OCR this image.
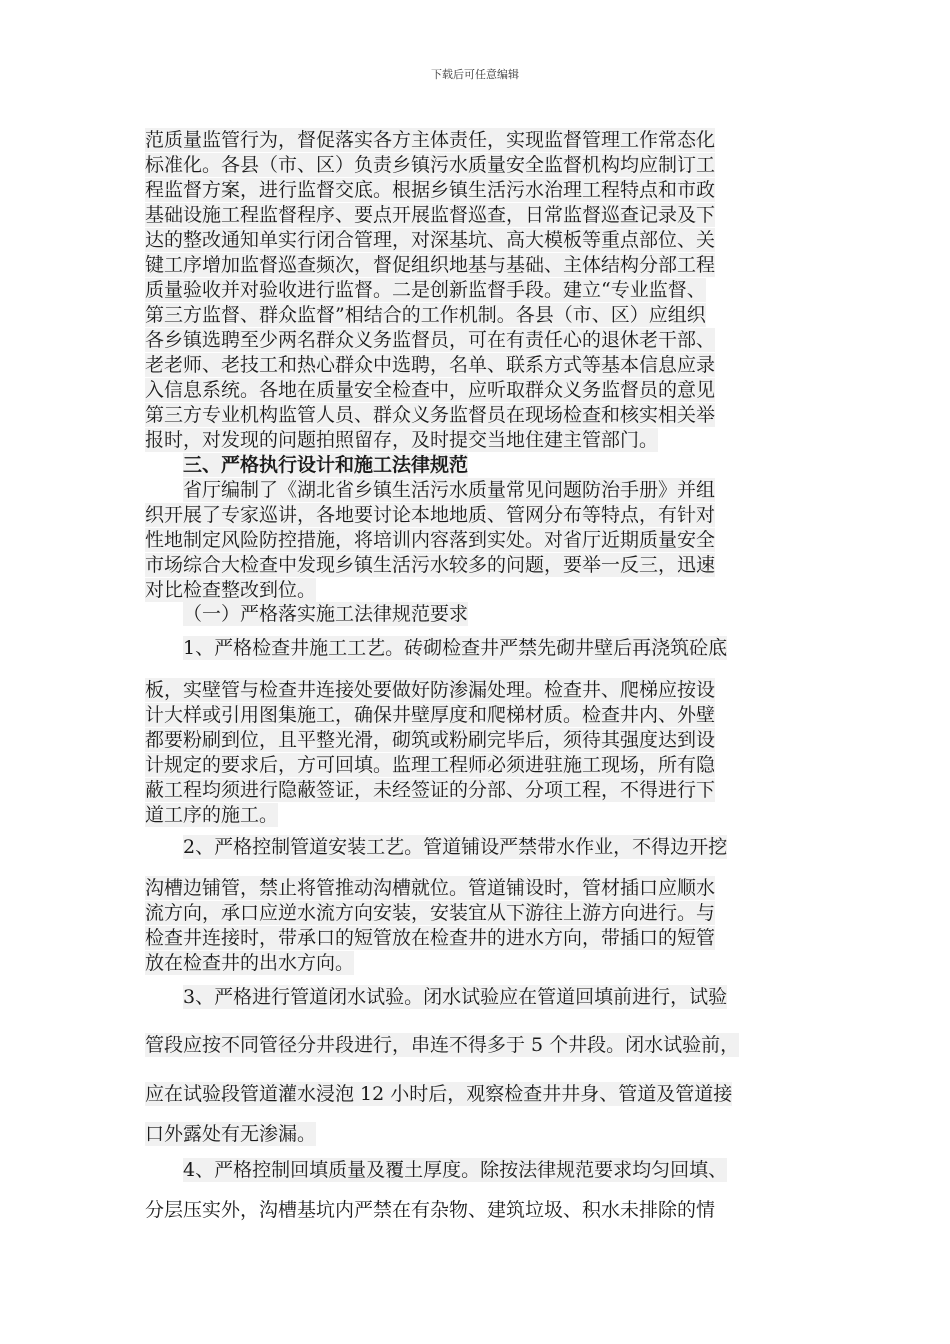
下载后可任意编辑
范质量监管行为，督促落实各方主体责任，实现监督管理工作常态化
标准化。各县（市、区）负责乡镇污水质量安全监督机构均应制订工
程监督方案，进行监督交底。根据乡镇生活污水治理工程特点和市政
基础设施工程监督程序、要点开展监督巡查，日常监督巡查记录及下
达的整改通知单实行闭合管理，对深基坑、高大模板等重点部位、关
键工序增加监督巡查频次，督促组织地基与基础、主体结构分部工程
质量验收并对验收进行监督。二是创新监督手段。建立“专业监督、
第三方监督、群众监督”相结合的工作机制。各县（市、区）应组织
各乡镇选聘至少两名群众义务监督员，可在有责任心的退休老干部、
老老师、老技工和热心群众中选聘，名单、联系方式等基本信息应录
入信息系统。各地在质量安全检查中，应听取群众义务监督员的意见
第三方专业机构监管人员、群众义务监督员在现场检查和核实相关举
报时，对发现的问题拍照留存，及时提交当地住建主管部门。
三、严格执行设计和施工法律规范
省厅编制了《湖北省乡镇生活污水质量常见问题防治手册》并组
织开展了专家巡讲，各地要讨论本地地质、管网分布等特点，有针对
性地制定风险防控措施，将培训内容落到实处。对省厅近期质量安全
市场综合大检查中发现乡镇生活污水较多的问题，要举一反三，迅速
对比检查整改到位。
（一）严格落实施工法律规范要求
1、严格检查井施工工艺。砖砌检查井严禁先砌井壁后再浇筑砼底
板，实壁管与检查井连接处要做好防渗漏处理。检查井、爬梯应按设
计大样或引用图集施工，确保井壁厚度和爬梯材质。检查井内、外壁
都要粉刷到位，且平整光滑，砌筑或粉刷完毕后，须待其强度达到设
计规定的要求后，方可回填。监理工程师必须进驻施工现场，所有隐
蔽工程均须进行隐蔽签证，未经签证的分部、分项工程，不得进行下
道工序的施工。
2、严格控制管道安装工艺。管道铺设严禁带水作业，不得边开挖
沟槽边铺管，禁止将管推动沟槽就位。管道铺设时，管材插口应顺水
流方向，承口应逆水流方向安装，安装宜从下游往上游方向进行。与
检查井连接时，带承口的短管放在检查井的进水方向，带插口的短管
放在检查井的出水方向。
3、严格进行管道闭水试验。闭水试验应在管道回填前进行，试验
管段应按不同管径分井段进行，串连不得多于 5 个井段。闭水试验前，
应在试验段管道灌水浸泡 12 小时后，观察检查井井身、管道及管道接
口外露处有无渗漏。
4、严格控制回填质量及覆土厚度。除按法律规范要求均匀回填、
分层压实外，沟槽基坑内严禁在有杂物、建筑垃圾、积水未排除的情
